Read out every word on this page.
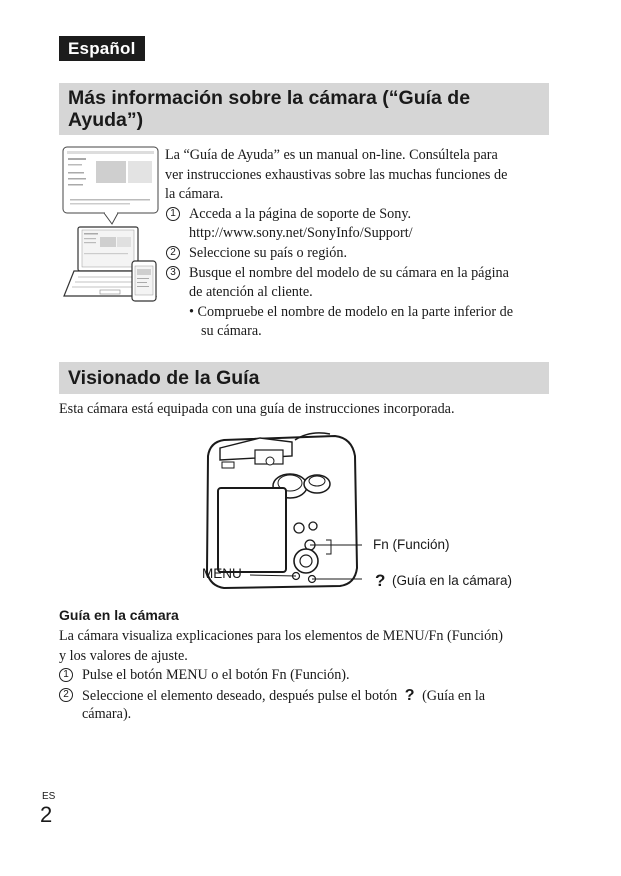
Español
Más información sobre la cámara (“Guía de Ayuda”)
La “Guía de Ayuda” es un manual on-line. Consúltela para
ver instrucciones exhaustivas sobre las muchas funciones de
la cámara.
1 Acceda a la página de soporte de Sony.
http://www.sony.net/SonyInfo/Support/
2 Seleccione su país o región.
3 Busque el nombre del modelo de su cámara en la página
de atención al cliente.
• Compruebe el nombre de modelo en la parte inferior de
su cámara.
Visionado de la Guía
Esta cámara está equipada con una guía de instrucciones incorporada.
Fn (Función)
MENU	? (Guía en la cámara)
Guía en la cámara
La cámara visualiza explicaciones para los elementos de MENU/Fn (Función)
y los valores de ajuste.
1 Pulse el botón MENU o el botón Fn (Función).
2 Seleccione el elemento deseado, después pulse el botón ? (Guía en la
cámara).
ES
2
